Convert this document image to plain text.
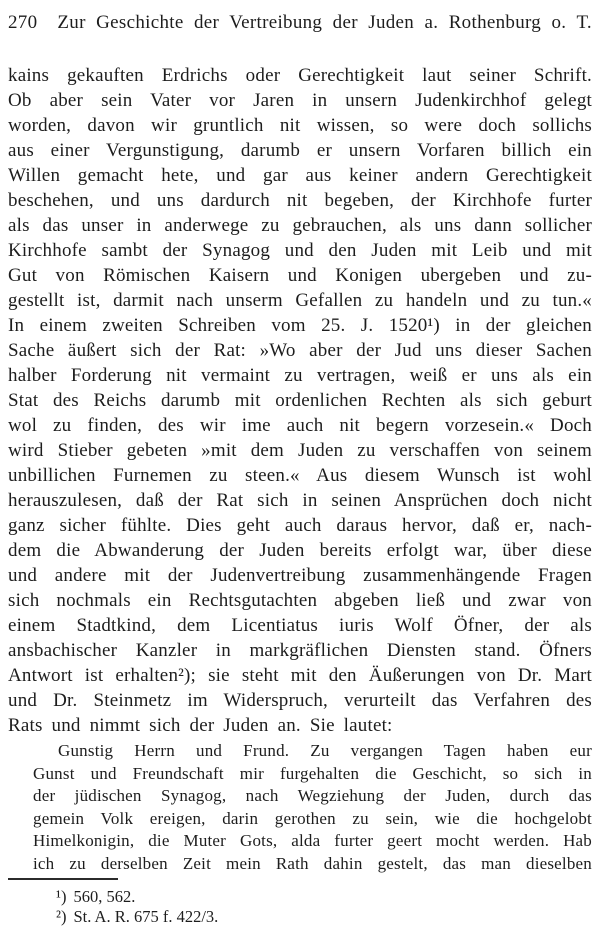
270 Zur Geschichte der Vertreibung der Juden a. Rothenburg o. T.
kains gekauften Erdrichs oder Gerechtigkeit laut seiner Schrift.
Ob aber sein Vater vor Jaren in unsern Judenkirchhof gelegt
worden, davon wir gruntlich nit wissen, so were doch sollichs
aus einer Vergunstigung, darumb er unsern Vorfaren billich ein
Willen gemacht hete, und gar aus keiner andern Gerechtigkeit
beschehen, und uns dardurch nit begeben, der Kirchhofe furter
als das unser in anderwege zu gebrauchen, als uns dann sollicher
Kirchhofe sambt der Synagog und den Juden mit Leib und mit
Gut von Römischen Kaisern und Konigen ubergeben und zu-
gestellt ist, darmit nach unserm Gefallen zu handeln und zu tun.«
In einem zweiten Schreiben vom 25. J. 1520¹) in der gleichen
Sache äußert sich der Rat: »Wo aber der Jud uns dieser Sachen
halber Forderung nit vermaint zu vertragen, weiß er uns als ein
Stat des Reichs darumb mit ordenlichen Rechten als sich geburt
wol zu finden, des wir ime auch nit begern vorzesein.« Doch
wird Stieber gebeten »mit dem Juden zu verschaffen von seinem
unbillichen Furnemen zu steen.« Aus diesem Wunsch ist wohl
herauszulesen, daß der Rat sich in seinen Ansprüchen doch nicht
ganz sicher fühlte. Dies geht auch daraus hervor, daß er, nach-
dem die Abwanderung der Juden bereits erfolgt war, über diese
und andere mit der Judenvertreibung zusammenhängende Fragen
sich nochmals ein Rechtsgutachten abgeben ließ und zwar von
einem Stadtkind, dem Licentiatus iuris Wolf Öfner, der als
ansbachischer Kanzler in markgräflichen Diensten stand. Öfners
Antwort ist erhalten²); sie steht mit den Äußerungen von Dr. Mart
und Dr. Steinmetz im Widerspruch, verurteilt das Verfahren des
Rats und nimmt sich der Juden an. Sie lautet:
Gunstig Herrn und Frund. Zu vergangen Tagen haben eur
Gunst und Freundschaft mir furgehalten die Geschicht, so sich in
der jüdischen Synagog, nach Wegziehung der Juden, durch das
gemein Volk ereigen, darin gerothen zu sein, wie die hochgelobt
Himelkonigin, die Muter Gots, alda furter geert mocht werden. Hab
ich zu derselben Zeit mein Rath dahin gestelt, das man dieselben
¹) 560, 562.
²) St. A. R. 675 f. 422/3.
